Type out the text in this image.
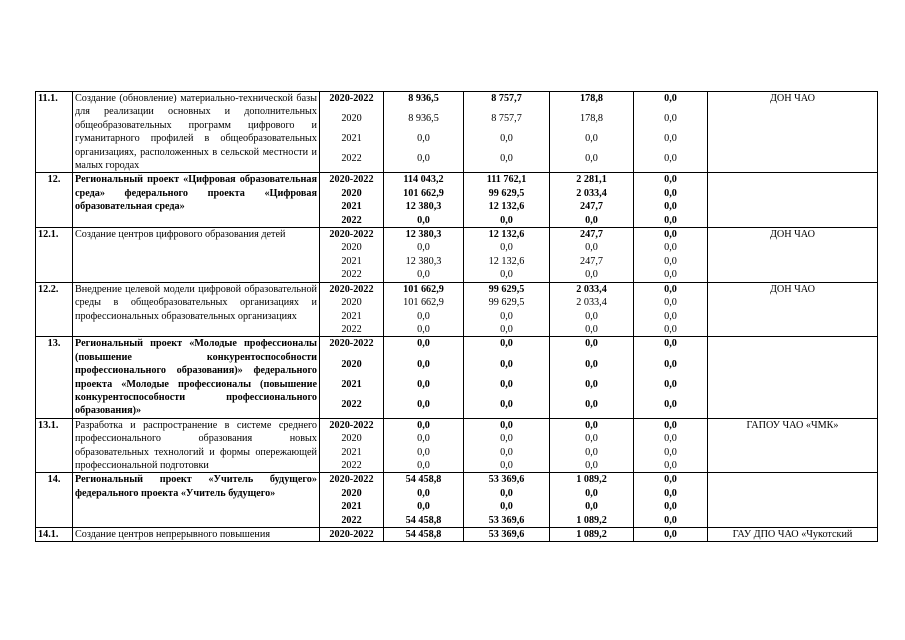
11.1.	Создание (обновление) материально-технической базы для реализации основных и дополнительных общеобразовательных программ цифрового и гуманитарного профилей в общеобразовательных организациях, расположенных в сельской местности и малых городах	2020-2022	8 936,5	8 757,7	178,8	0,0	ДОН ЧАО
		2020	8 936,5	8 757,7	178,8	0,0	
		2021	0,0	0,0	0,0	0,0	
		2022	0,0	0,0	0,0	0,0	
12.	Региональный проект «Цифровая образовательная среда» федерального проекта «Цифровая образовательная среда»	2020-2022	114 043,2	111 762,1	2 281,1	0,0	
		2020	101 662,9	99 629,5	2 033,4	0,0	
		2021	12 380,3	12 132,6	247,7	0,0	
		2022	0,0	0,0	0,0	0,0	
12.1.	Создание центров цифрового образования детей	2020-2022	12 380,3	12 132,6	247,7	0,0	ДОН ЧАО
		2020	0,0	0,0	0,0	0,0	
		2021	12 380,3	12 132,6	247,7	0,0	
		2022	0,0	0,0	0,0	0,0	
12.2.	Внедрение целевой модели цифровой образовательной среды в общеобразовательных организациях и профессиональных образовательных организациях	2020-2022	101 662,9	99 629,5	2 033,4	0,0	ДОН ЧАО
		2020	101 662,9	99 629,5	2 033,4	0,0	
		2021	0,0	0,0	0,0	0,0	
		2022	0,0	0,0	0,0	0,0	
13.	Региональный проект «Молодые профессионалы (повышение конкурентоспособности профессионального образования)» федерального проекта «Молодые профессионалы (повышение конкурентоспособности профессионального образования)»	2020-2022	0,0	0,0	0,0	0,0	
		2020	0,0	0,0	0,0	0,0	
		2021	0,0	0,0	0,0	0,0	
		2022	0,0	0,0	0,0	0,0	
13.1.	Разработка и распространение в системе среднего профессионального образования новых образовательных технологий и формы опережающей профессиональной подготовки	2020-2022	0,0	0,0	0,0	0,0	ГАПОУ ЧАО «ЧМК»
		2020	0,0	0,0	0,0	0,0	
		2021	0,0	0,0	0,0	0,0	
		2022	0,0	0,0	0,0	0,0	
14.	Региональный проект «Учитель будущего» федерального проекта «Учитель будущего»	2020-2022	54 458,8	53 369,6	1 089,2	0,0	
		2020	0,0	0,0	0,0	0,0	
		2021	0,0	0,0	0,0	0,0	
		2022	54 458,8	53 369,6	1 089,2	0,0	
14.1.	Создание центров непрерывного повышения	2020-2022	54 458,8	53 369,6	1 089,2	0,0	ГАУ ДПО ЧАО «Чукотский
